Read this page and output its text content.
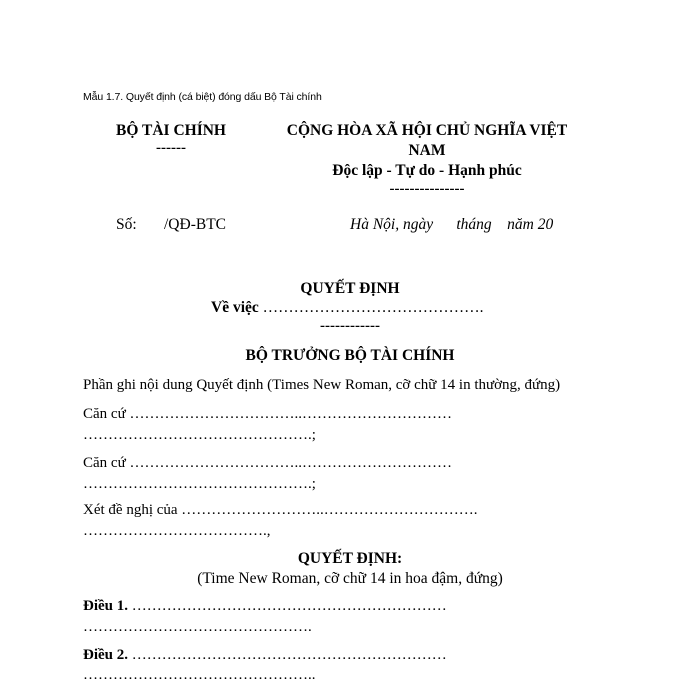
Mẫu 1.7. Quyết định (cá biệt) đóng dấu Bộ Tài chính
BỘ TÀI CHÍNH
------
CỘNG HÒA XÃ HỘI CHỦ NGHĨA VIỆT
NAM
Độc lập - Tự do - Hạnh phúc
---------------
Số: /QĐ-BTC	Hà Nội, ngày      tháng    năm 20
QUYẾT ĐỊNH
Về việc …………………………………….
------------
BỘ TRƯỞNG BỘ TÀI CHÍNH
Phần ghi nội dung Quyết định (Times New Roman, cỡ chữ 14 in thường, đứng)
Căn cứ ……………………………..…………………………
……………………………………….;
Căn cứ ……………………………..…………………………
……………………………………….;
Xét đề nghị của ………………………..………………………….
……………………………….,
QUYẾT ĐỊNH:
(Time New Roman, cỡ chữ 14 in hoa đậm, đứng)
Điều 1. ………………………………………………………
……………………………………….
Điều 2. ………………………………………………………
………………………………………..
